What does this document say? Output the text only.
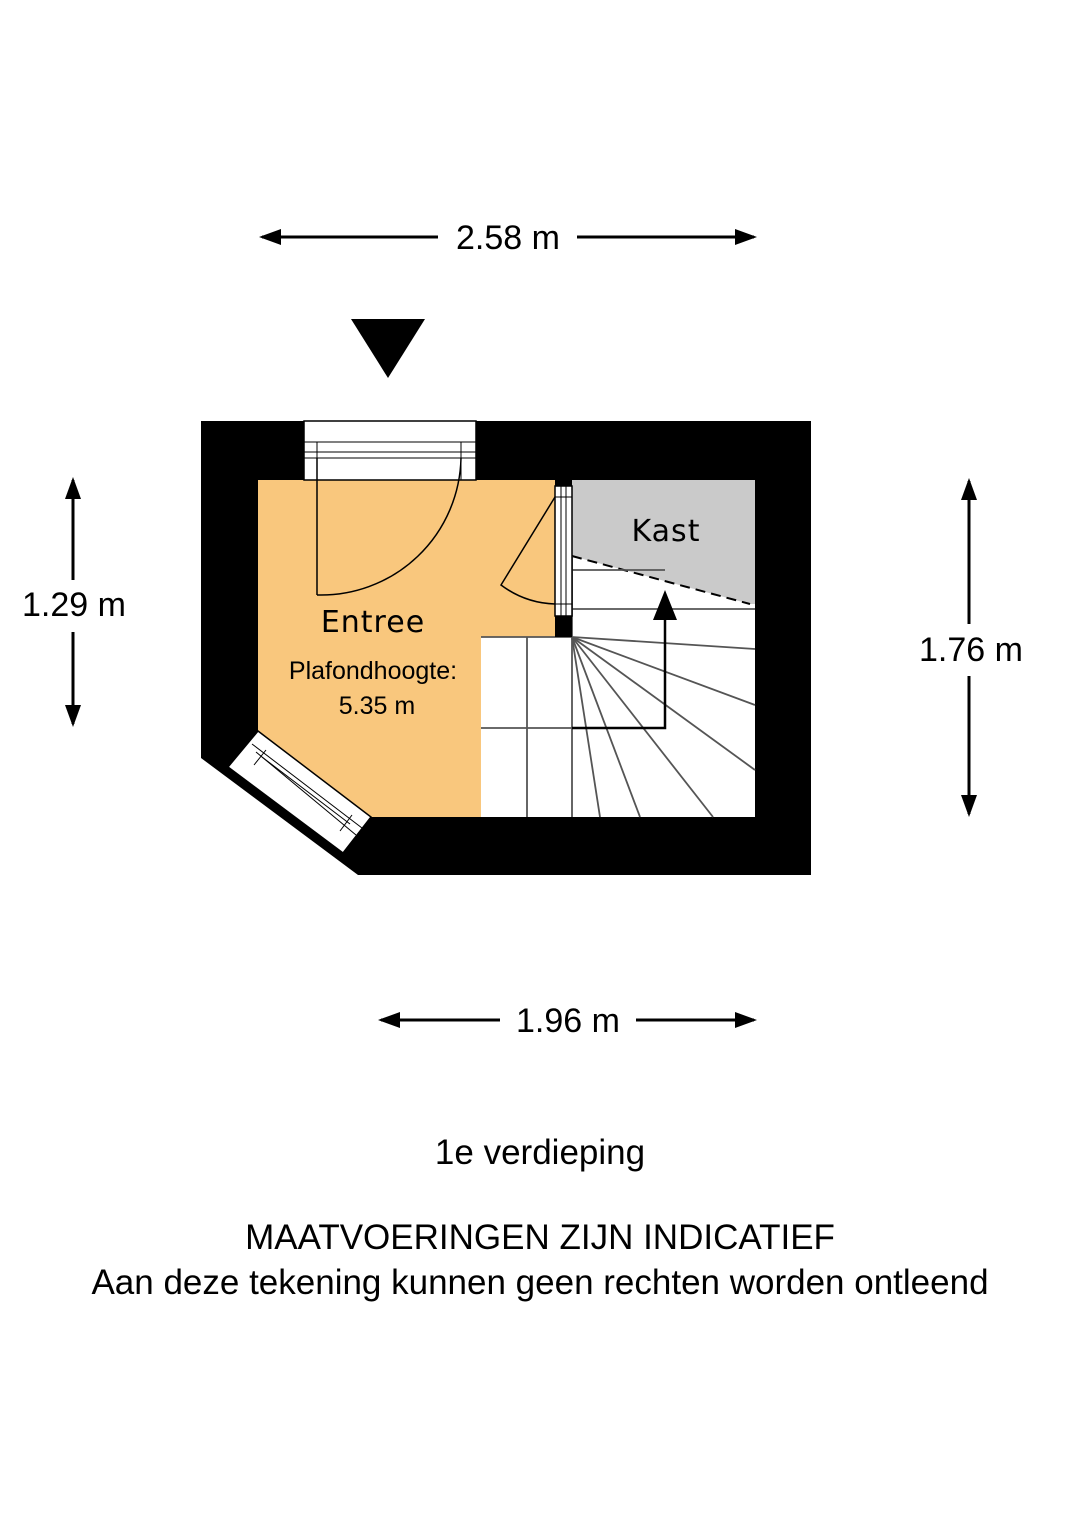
2.58 m
1.29 m
1.76 m
1.96 m
Entree
Plafondhoogte:
5.35 m
Kast

1e verdieping

MAATVOERINGEN ZIJN INDICATIEF

Aan deze tekening kunnen geen rechten worden ontleend
